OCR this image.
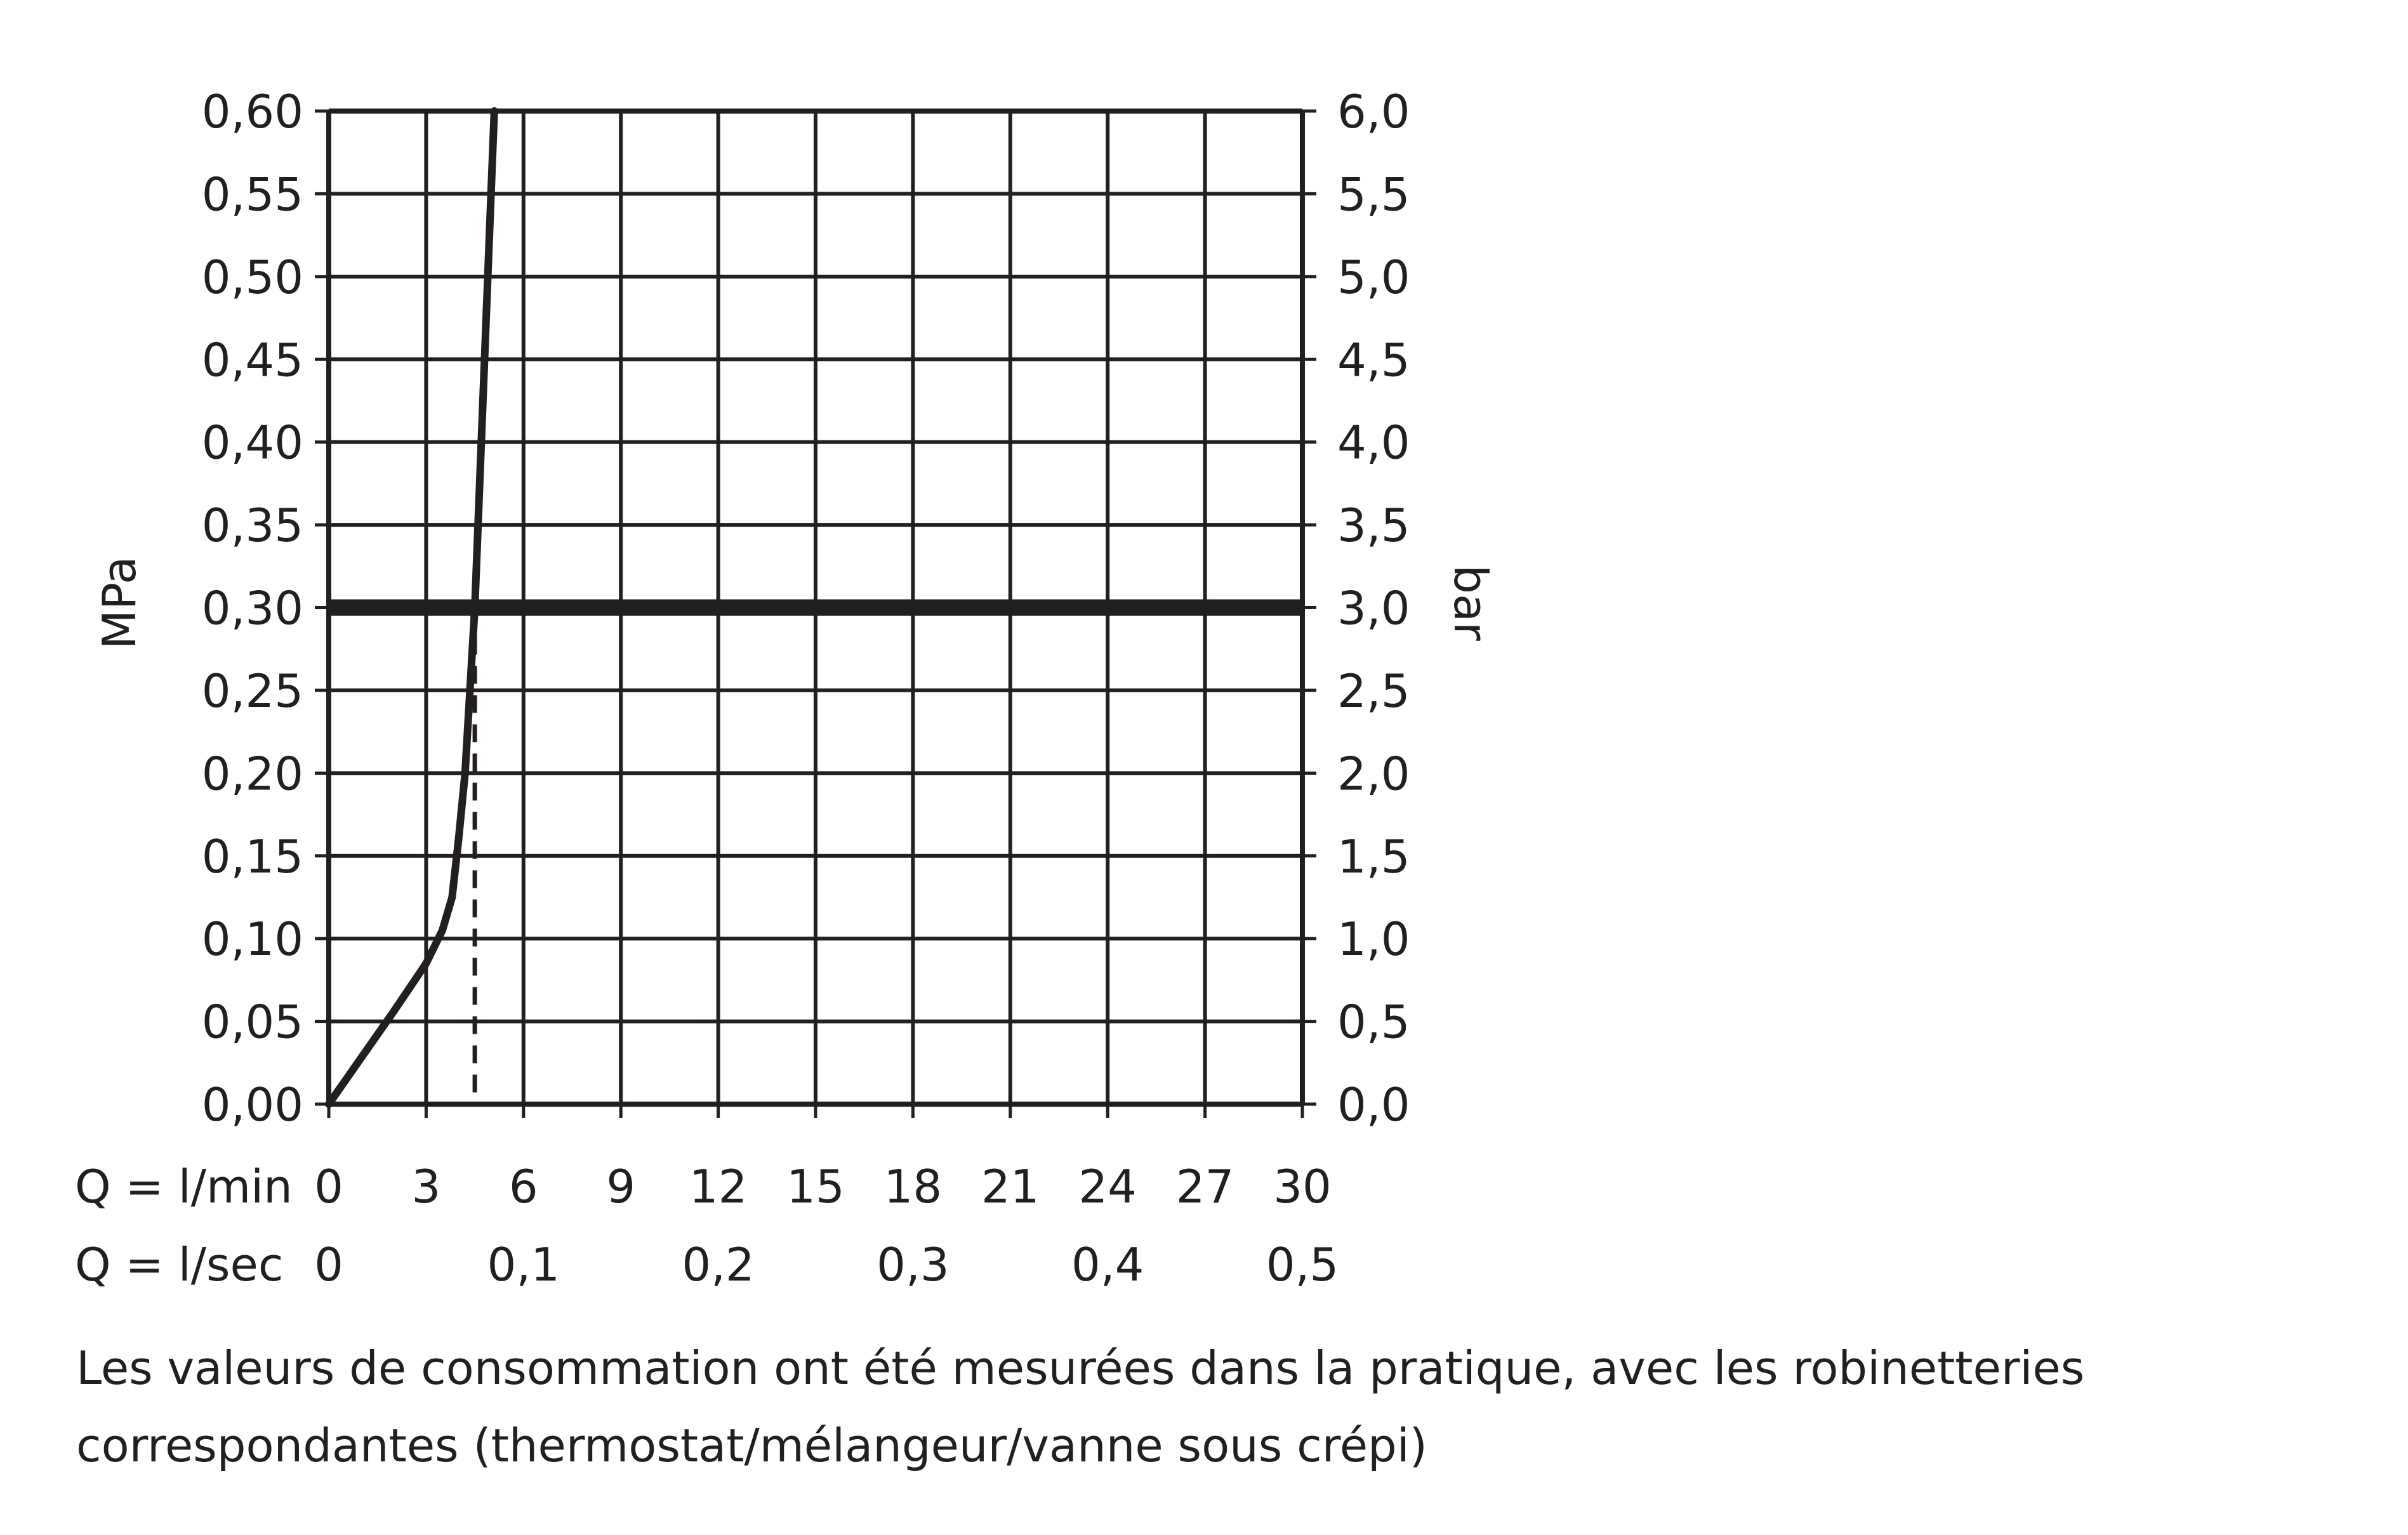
0,00
0,05
0,10
0,15
0,20
0,25
0,30
0,35
0,40
0,45
0,50
0,55
0,60
0,0
0,5
1,0
1,5
2,0
2,5
3,0
3,5
4,0
4,5
5,0
5,5
6,0
Q = l/min 0 3 6 9 12 15 18 21 24 27 30
Q = l/sec 0	0,1	0,2	0,3	0,4	0,5
MPa	bar
Les valeurs de consommation ont été mesurées dans la pratique, avec les robinetteries
correspondantes (thermostat/mélangeur/vanne sous crépi)
